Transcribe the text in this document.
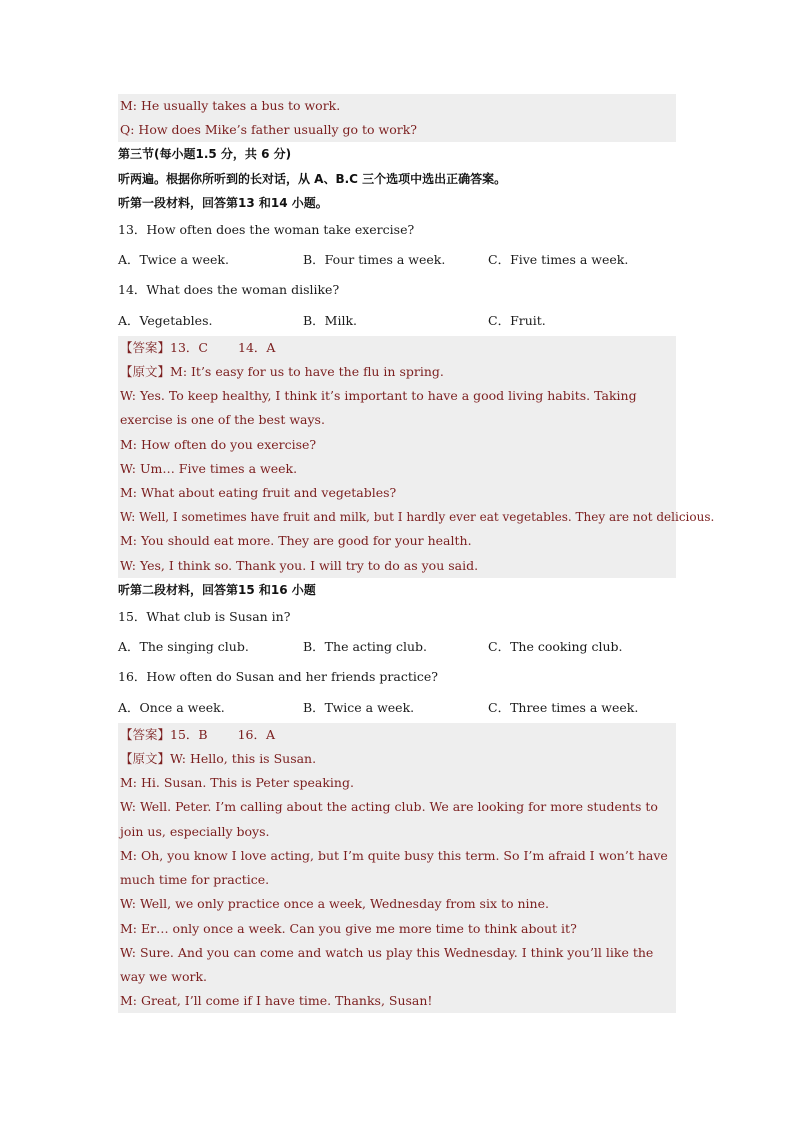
M: He usually takes a bus to work.
Q: How does Mike’s father usually go to work?
第三节(每小题1.5 分，共 6 分)
听两遍。根据你所听到的长对话，从 A、B.C 三个选项中选出正确答案。
听第一段材料，回答第13 和14 小题。
13．How often does the woman take exercise?
A．Twice a week.	B．Four times a week.	C．Five times a week.
14．What does the woman dislike?
A．Vegetables.	B．Milk.	C．Fruit.
【答案】13．C 14．A
【原文】M: It’s easy for us to have the flu in spring.
W: Yes. To keep healthy, I think it’s important to have a good living habits. Taking exercise is one of the best ways.
M: How often do you exercise?
W: Um… Five times a week.
M: What about eating fruit and vegetables?
W: Well, I sometimes have fruit and milk, but I hardly ever eat vegetables. They are not delicious.
M: You should eat more. They are good for your health.
W: Yes, I think so. Thank you. I will try to do as you said.
听第二段材料，回答第15 和16 小题
15．What club is Susan in?
A．The singing club.	B．The acting club.	C．The cooking club.
16．How often do Susan and her friends practice?
A．Once a week.	B．Twice a week.	C．Three times a week.
【答案】15．B 16．A
【原文】W: Hello, this is Susan.
M: Hi. Susan. This is Peter speaking.
W: Well. Peter. I’m calling about the acting club. We are looking for more students to join us, especially boys.
M: Oh, you know I love acting, but I’m quite busy this term. So I’m afraid I won’t have much time for practice.
W: Well, we only practice once a week, Wednesday from six to nine.
M: Er… only once a week. Can you give me more time to think about it?
W: Sure. And you can come and watch us play this Wednesday. I think you’ll like the way we work.
M: Great, I’ll come if I have time. Thanks, Susan!
